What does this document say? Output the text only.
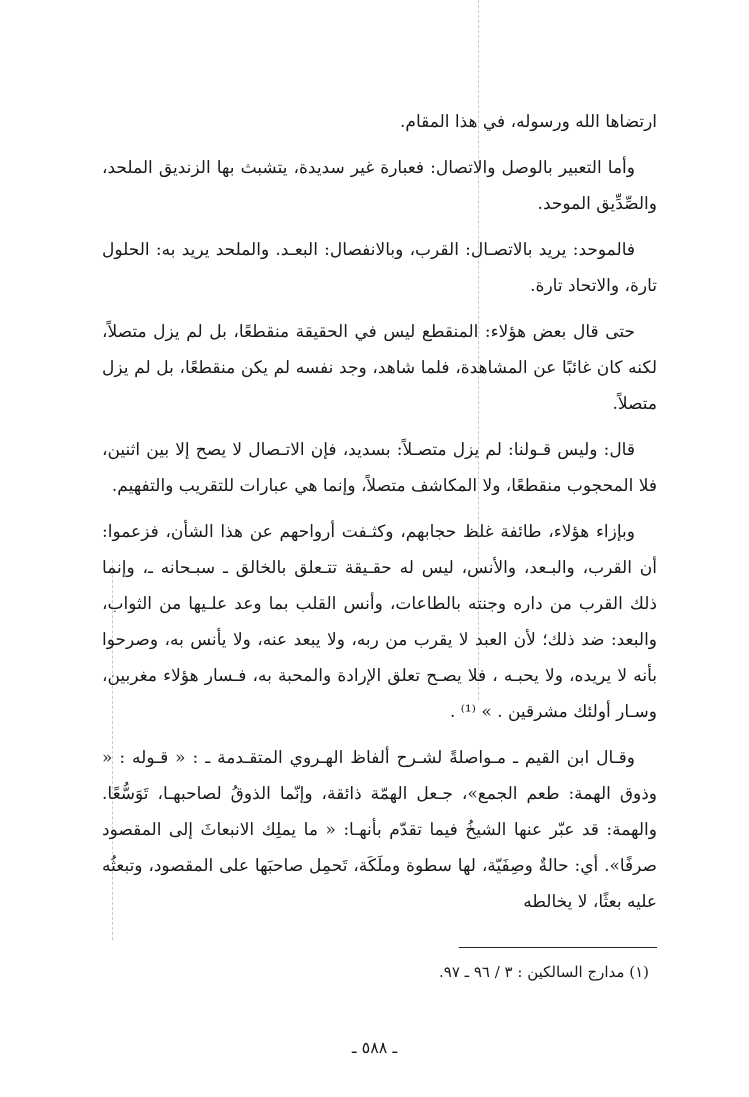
ارتضاها الله ورسوله، في هذا المقام.

وأما التعبير بالوصل والاتصال: فعبارة غير سديدة، يتشبث بها الزنديق الملحد، والصِّدِّيق الموحد.

فالموحد: يريد بالاتصـال: القرب، وبالانفصال: البعـد. والملحد يريد به: الحلول تارة، والاتحاد تارة.

حتى قال بعض هؤلاء: المنقطع ليس في الحقيقة منقطعًا، بل لم يزل متصلاً، لكنه كان غائبًا عن المشاهدة، فلما شاهد، وجد نفسه لم يكن منقطعًا، بل لم يزل متصلاً.

قال: وليس قـولنا: لم يزل متصـلاً: بسديد، فإن الاتـصال لا يصح إلا بين اثنين، فلا المحجوب منقطعًا، ولا المكاشف متصلاً، وإنما هي عبارات للتقريب والتفهيم.

وبإزاء هؤلاء، طائفة غلظ حجابهم، وكثـفت أرواحهم عن هذا الشأن، فزعموا: أن القرب، والبـعد، والأنس، ليس له حقـيقة تتـعلق بالخالق ـ سبـحانه ـ، وإنما ذلك القرب من داره وجنته بالطاعات، وأنس القلب بما وعد علـيها من الثواب، والبعد: ضد ذلك؛ لأن العبد لا يقرب من ربه، ولا يبعد عنه، ولا يأنس به، وصرحوا بأنه لا يريده، ولا يحبـه ، فلا يصـح تعلق الإرادة والمحبة به، فـسار هؤلاء مغربين، وسـار أولئك مشرقين . » ⁽¹⁾ .

وقـال ابن القيم ـ مـواصلةً لشـرح ألفاظ الهـروي المتقـدمة ـ : « قـوله : « وذوق الهمة: طعم الجمع»، جـعل الهمّة ذائقة، وإنّما الذوقُ لصاحبهـا، تَوَسُّعًا. والهمة: قد عبّر عنها الشيخُ فيما تقدّم بأنهـا: « ما يملِك الانبعاثَ إلى المقصود صرفًا». أي: حالةٌ وصِفَيّة، لها سطوة وملَكَة، تَحمِل صاحبَها على المقصود، وتبعثُه عليه بعثًا، لا يخالطه

(١) مدارج السالكين : ٣ / ٩٦ ـ ٩٧.
ـ ٥٨٨ ـ
